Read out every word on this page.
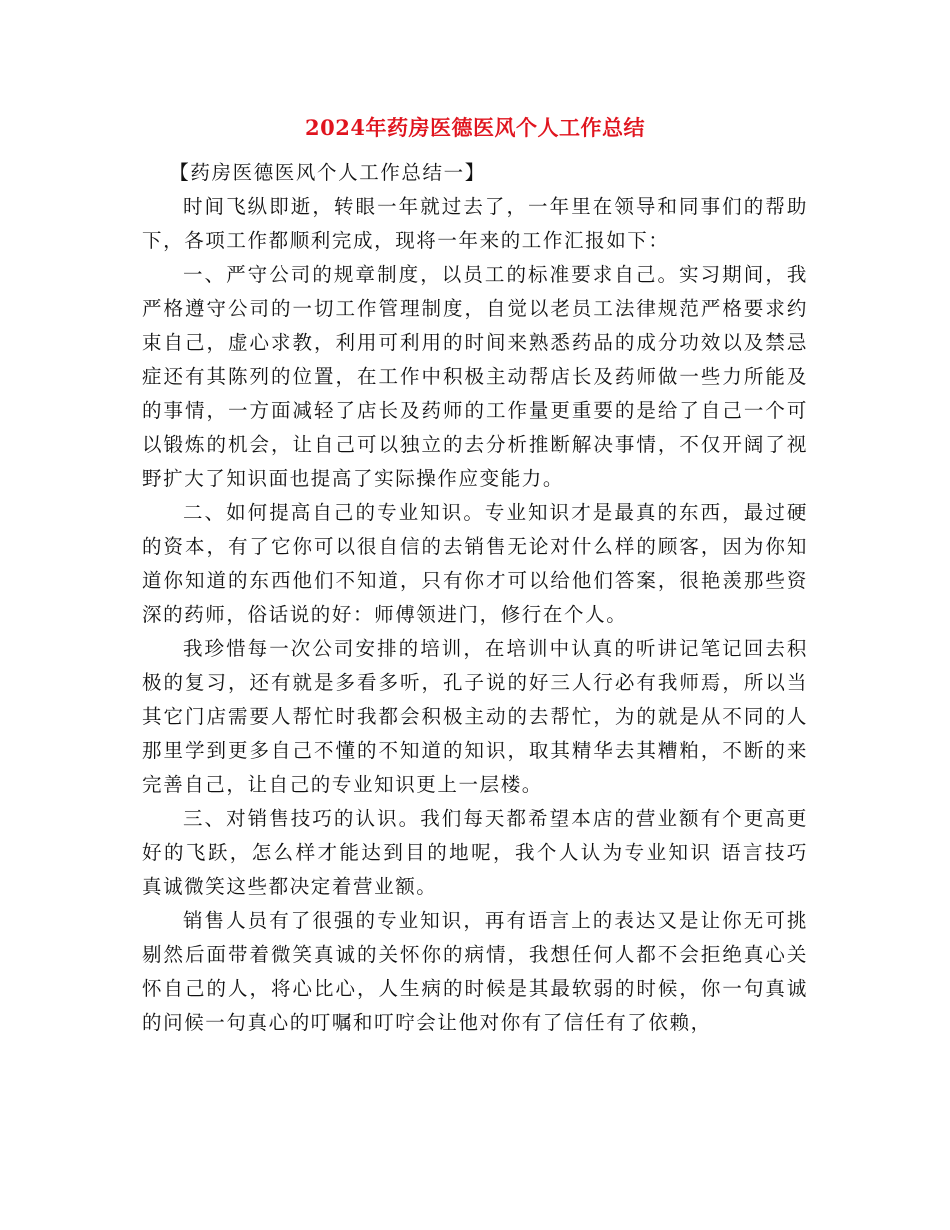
2024年药房医德医风个人工作总结

【药房医德医风个人工作总结一】

时间飞纵即逝，转眼一年就过去了，一年里在领导和同事们的帮助下，各项工作都顺利完成，现将一年来的工作汇报如下：

一、严守公司的规章制度，以员工的标准要求自己。实习期间，我严格遵守公司的一切工作管理制度，自觉以老员工法律规范严格要求约束自己，虚心求教，利用可利用的时间来熟悉药品的成分功效以及禁忌症还有其陈列的位置，在工作中积极主动帮店长及药师做一些力所能及的事情，一方面减轻了店长及药师的工作量更重要的是给了自己一个可以锻炼的机会，让自己可以独立的去分析推断解决事情，不仅开阔了视野扩大了知识面也提高了实际操作应变能力。

二、如何提高自己的专业知识。专业知识才是最真的东西，最过硬的资本，有了它你可以很自信的去销售无论对什么样的顾客，因为你知道你知道的东西他们不知道，只有你才可以给他们答案，很艳羡那些资深的药师，俗话说的好：师傅领进门，修行在个人。

我珍惜每一次公司安排的培训，在培训中认真的听讲记笔记回去积极的复习，还有就是多看多听，孔子说的好三人行必有我师焉，所以当其它门店需要人帮忙时我都会积极主动的去帮忙，为的就是从不同的人那里学到更多自己不懂的不知道的知识，取其精华去其糟粕，不断的来完善自己，让自己的专业知识更上一层楼。

三、对销售技巧的认识。我们每天都希望本店的营业额有个更高更好的飞跃，怎么样才能达到目的地呢，我个人认为专业知识 语言技巧 真诚微笑这些都决定着营业额。

销售人员有了很强的专业知识，再有语言上的表达又是让你无可挑剔然后面带着微笑真诚的关怀你的病情，我想任何人都不会拒绝真心关怀自己的人，将心比心，人生病的时候是其最软弱的时候，你一句真诚的问候一句真心的叮嘱和叮咛会让他对你有了信任有了依赖，
